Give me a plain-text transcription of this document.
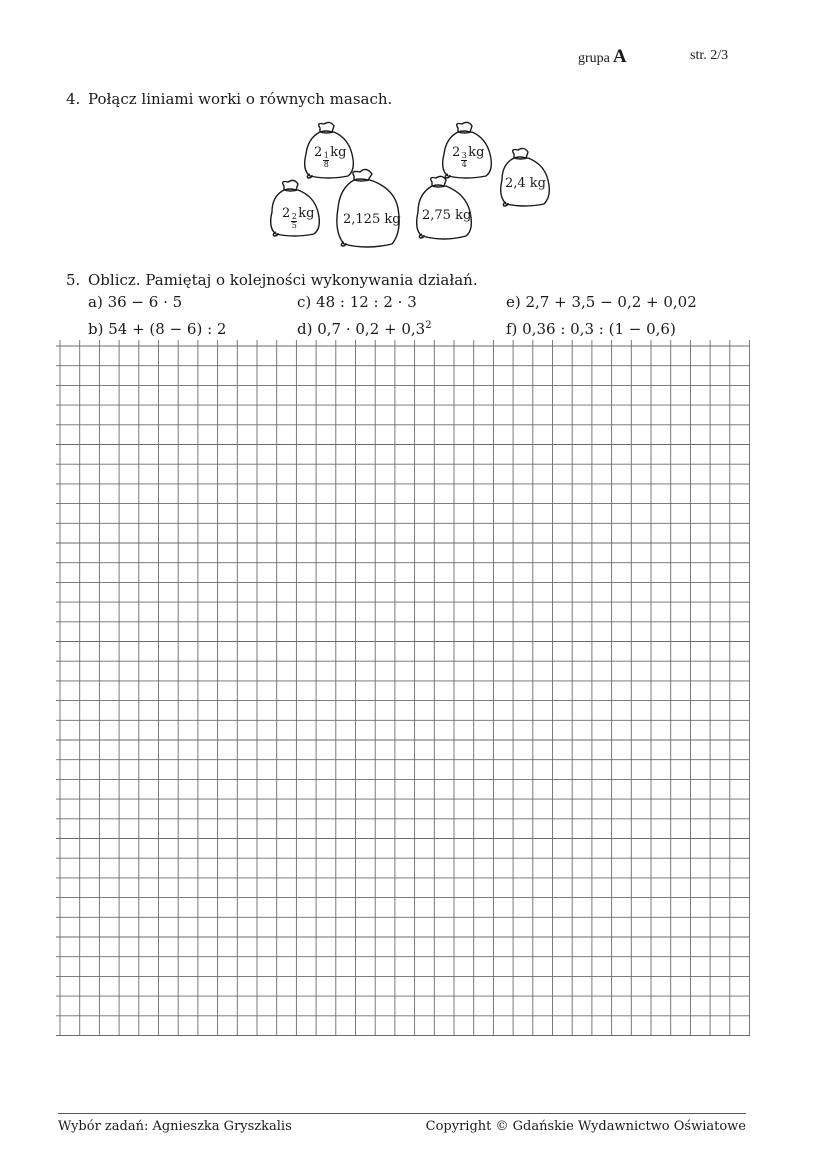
grupa A	str. 2/3
4. Połącz liniami worki o równych masach.
$2 \frac{1}{8}$ kg	$2 \frac{3}{4}$ kg
2,4 kg
$2 \frac{2}{5}$ kg 2,125 kg 2,75 kg
5. Oblicz. Pamiętaj o kolejności wykonywania działań.
a) 36 − 6 · 5
b) 54 + (8 − 6) : 2
c) 48 : 12 : 2 · 3
d) $0,7 \cdot 0,2 + 0,3^2$
e) 2,7 + 3,5 − 0,2 + 0,02
f) 0,36 : 0,3 : (1 − 0,6)
Wybór zadań: Agnieszka Gryszkalis	Copyright © Gdańskie Wydawnictwo Oświatowe
